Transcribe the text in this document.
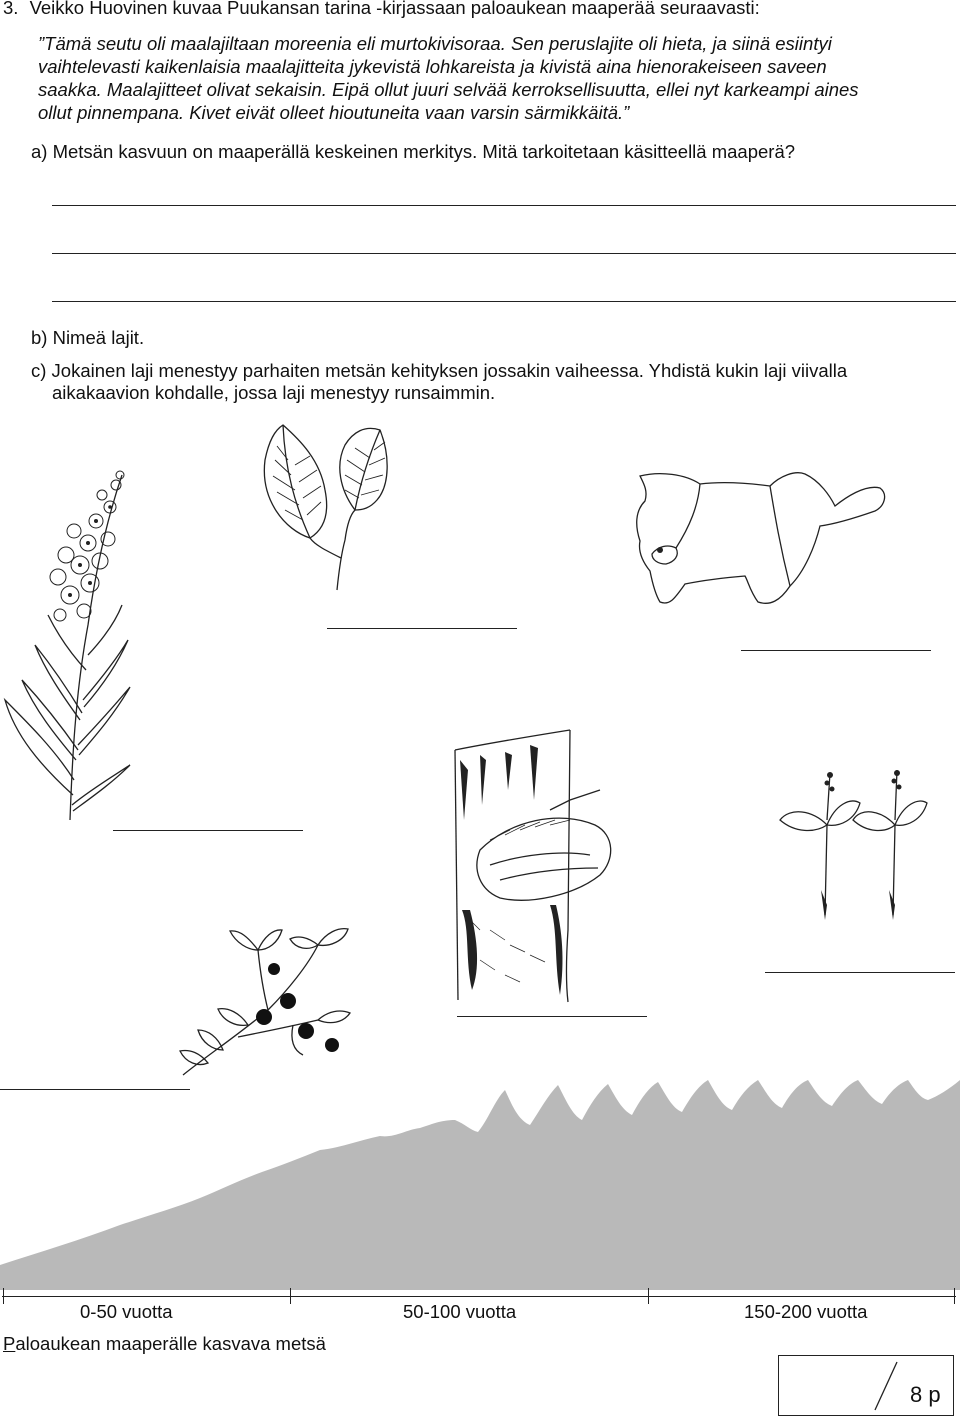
3. Veikko Huovinen kuvaa Puukansan tarina -kirjassaan paloaukean maaperää seuraavasti:
”Tämä seutu oli maalajiltaan moreenia eli murtokivisoraa. Sen peruslajite oli hieta, ja siinä esiintyi
vaihtelevasti kaikenlaisia maalajitteita jykevistä lohkareista ja kivistä aina hienorakeiseen saveen
saakka. Maalajitteet olivat sekaisin. Eipä ollut juuri selvää kerroksellisuutta, ellei nyt karkeampi aines
ollut pinnempana. Kivet eivät olleet hioutuneita vaan varsin särmikkäitä.”
a) Metsän kasvuun on maaperällä keskeinen merkitys. Mitä tarkoitetaan käsitteellä maaperä?
b) Nimeä lajit.
c) Jokainen laji menestyy parhaiten metsän kehityksen jossakin vaiheessa. Yhdistä kukin laji viivalla
aikakaavion kohdalle, jossa laji menestyy runsaimmin.
0-50 vuotta	50-100 vuotta	150-200 vuotta
Paloaukean maaperälle kasvava metsä
8 p
